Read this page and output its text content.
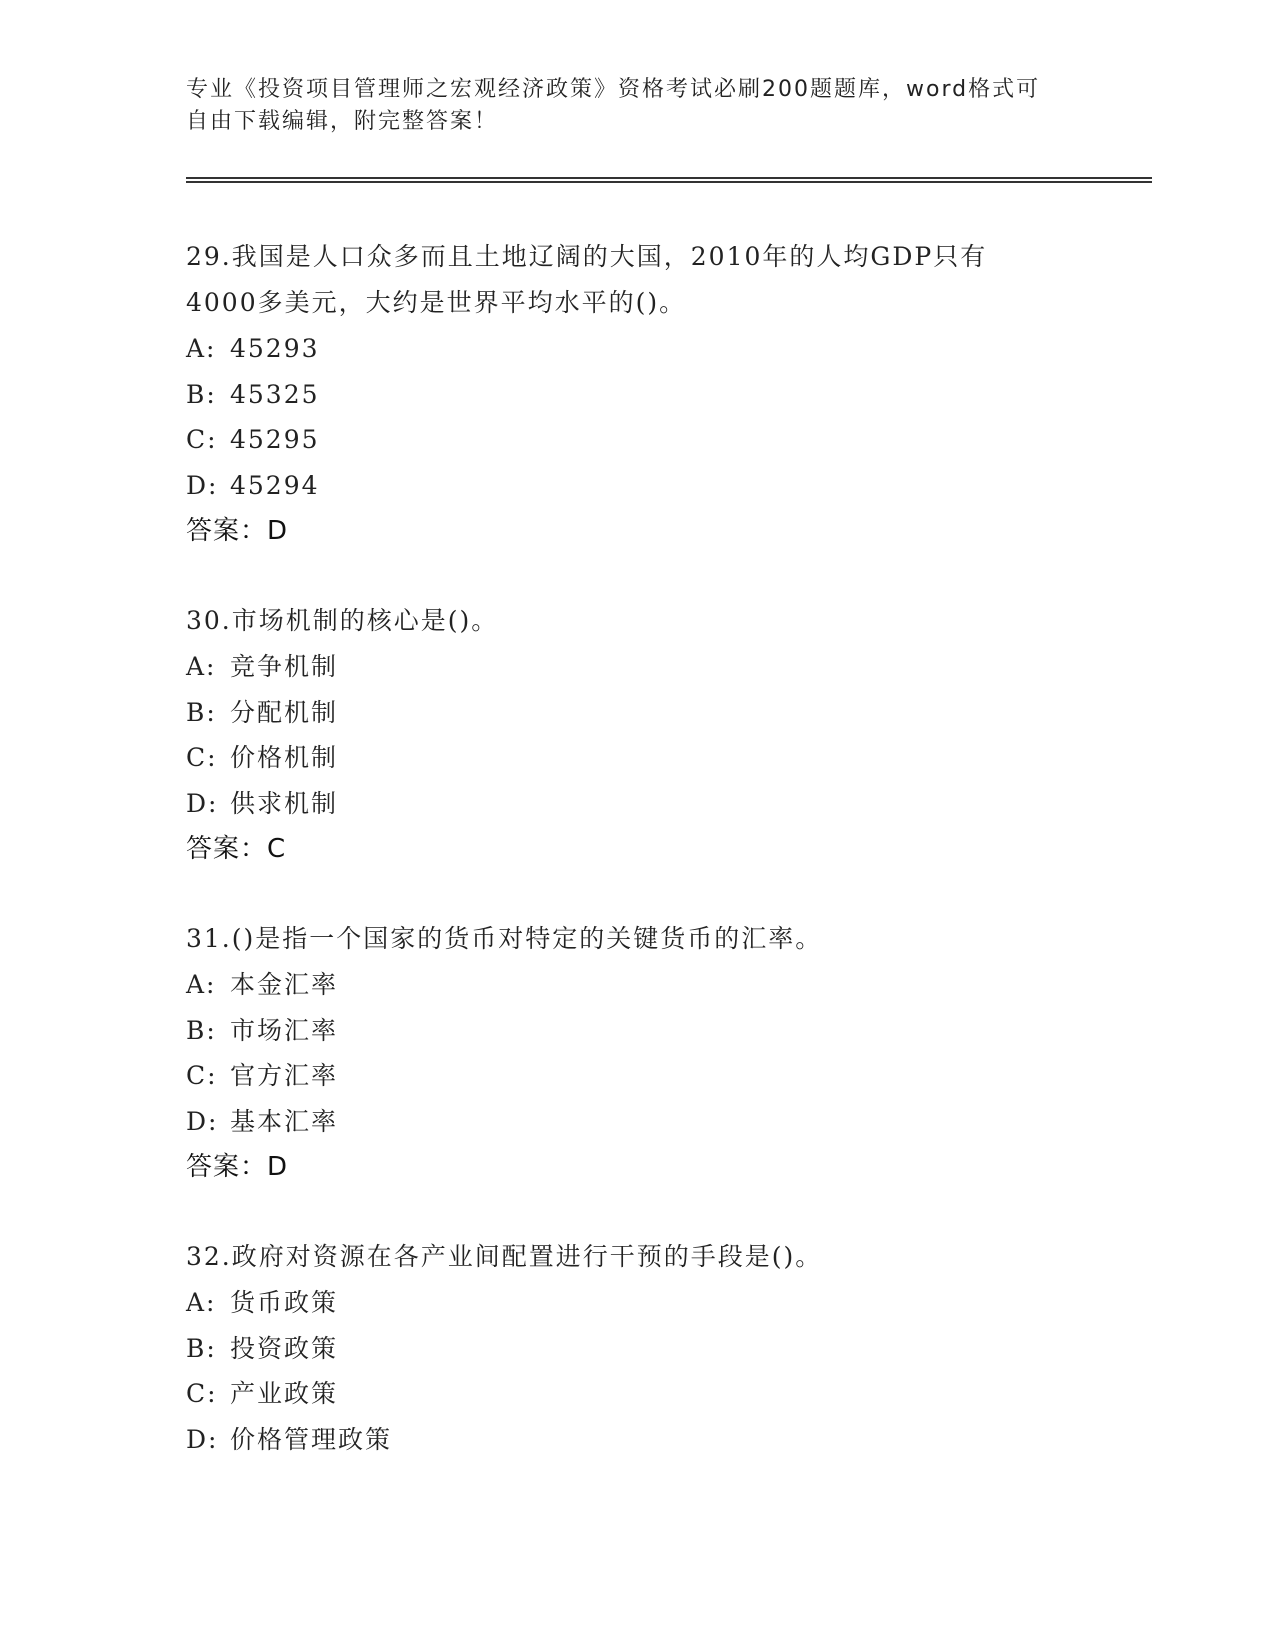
专业《投资项目管理师之宏观经济政策》资格考试必刷200题题库，word格式可
自由下载编辑，附完整答案！
29.我国是人口众多而且土地辽阔的大国，2010年的人均GDP只有
4000多美元，大约是世界平均水平的()。
A: 45293
B: 45325
C: 45295
D: 45294
答案：D
30.市场机制的核心是()。
A: 竞争机制
B: 分配机制
C: 价格机制
D: 供求机制
答案：C
31.()是指一个国家的货币对特定的关键货币的汇率。
A: 本金汇率
B: 市场汇率
C: 官方汇率
D: 基本汇率
答案：D
32.政府对资源在各产业间配置进行干预的手段是()。
A: 货币政策
B: 投资政策
C: 产业政策
D: 价格管理政策
